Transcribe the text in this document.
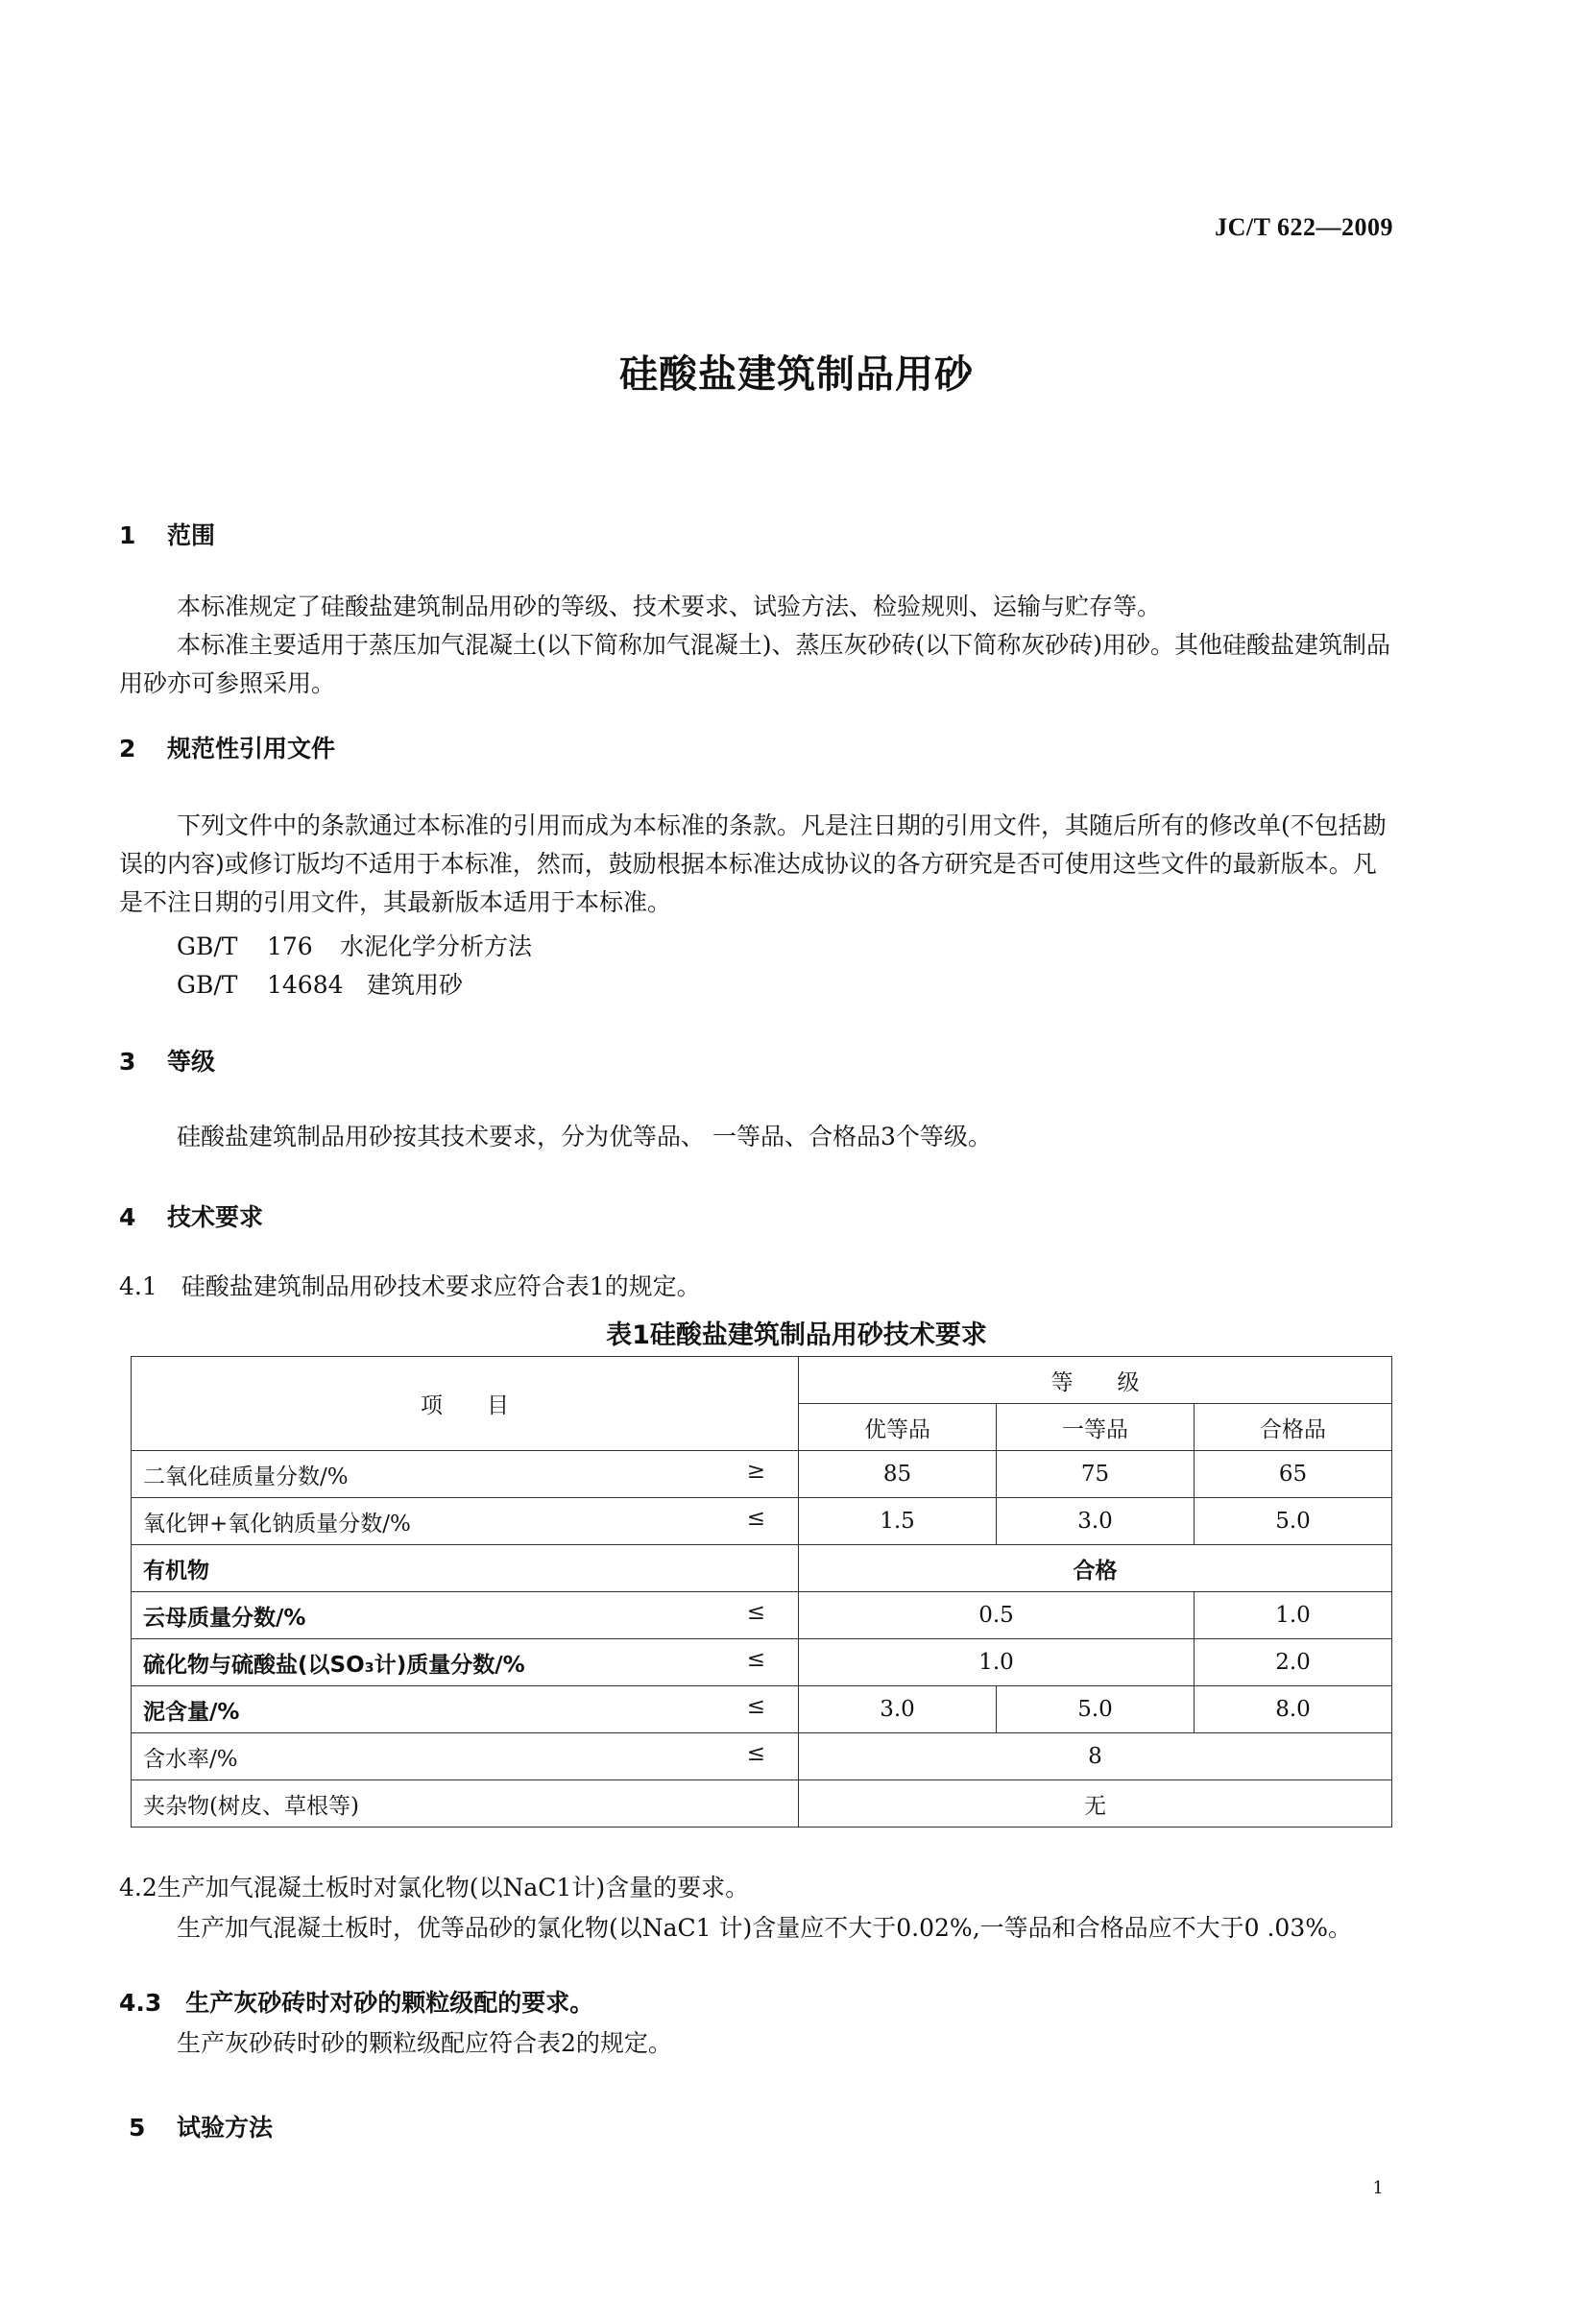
JC/T 622—2009
硅酸盐建筑制品用砂
1 范围
本标准规定了硅酸盐建筑制品用砂的等级、技术要求、试验方法、检验规则、运输与贮存等。
本标准主要适用于蒸压加气混凝土(以下简称加气混凝土)、蒸压灰砂砖(以下简称灰砂砖)用砂。其他硅酸盐建筑制品用砂亦可参照采用。
2 规范性引用文件
下列文件中的条款通过本标准的引用而成为本标准的条款。凡是注日期的引用文件，其随后所有的修改单(不包括勘误的内容)或修订版均不适用于本标准，然而，鼓励根据本标准达成协议的各方研究是否可使用这些文件的最新版本。凡是不注日期的引用文件，其最新版本适用于本标准。
GB/T 176 水泥化学分析方法
GB/T 14684 建筑用砂
3 等级
硅酸盐建筑制品用砂按其技术要求，分为优等品、 一等品、合格品3个等级。
4 技术要求
4.1　硅酸盐建筑制品用砂技术要求应符合表1的规定。
表1硅酸盐建筑制品用砂技术要求
项　　目	等　　级		
	优等品	一等品	合格品
二氧化硅质量分数/% ≥	85	75	65
氧化钾+氧化钠质量分数/% ≤	1.5	3.0	5.0
有机物	合格		
云母质量分数/% ≤	0.5		1.0
硫化物与硫酸盐(以SO₃计)质量分数/% ≤	1.0		2.0
泥含量/% ≤	3.0	5.0	8.0
含水率/% ≤	8		
夹杂物(树皮、草根等)	无		
4.2生产加气混凝土板时对氯化物(以NaC1计)含量的要求。
生产加气混凝土板时，优等品砂的氯化物(以NaC1 计)含量应不大于0.02%,一等品和合格品应不大于0 .03%。
4.3　生产灰砂砖时对砂的颗粒级配的要求。
生产灰砂砖时砂的颗粒级配应符合表2的规定。
5 试验方法
1
